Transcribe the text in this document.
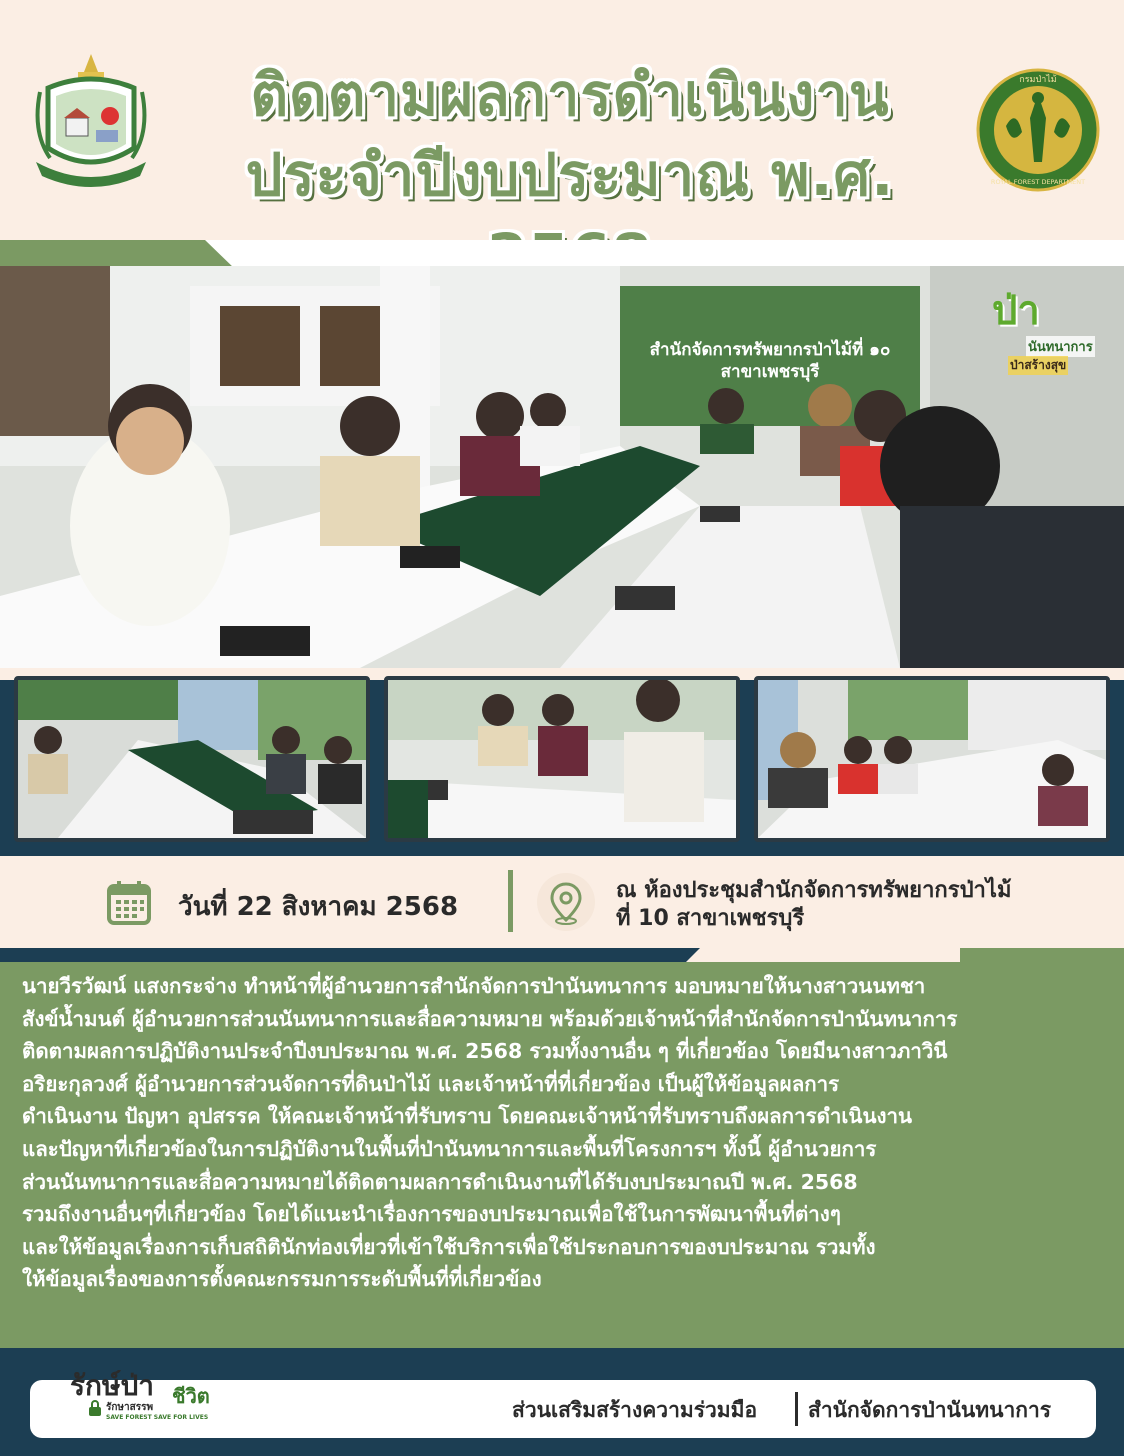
ติดตามผลการดำเนินงาน
ประจำปีงบประมาณ พ.ศ.
กรมป่าไม้
ROYAL FOREST DEPARTMENT
สำนักจัดการทรัพยากรป่าไม้ที่ ๑๐
สาขาเพชรบุรี
ป่า
นันทนาการ
ป่าสร้างสุข
วันที่ 22 สิงหาคม 2568
ณ ห้องประชุมสำนักจัดการทรัพยากรป่าไม้
ที่ 10 สาขาเพชรบุรี

นายวีรวัฒน์ แสงกระจ่าง ทำหน้าที่ผู้อำนวยการสำนักจัดการป่านันทนาการ มอบหมายให้นางสาวนนทชา

สังข์น้ำมนต์ ผู้อำนวยการส่วนนันทนาการและสื่อความหมาย พร้อมด้วยเจ้าหน้าที่สำนักจัดการป่านันทนาการ

ติดตามผลการปฏิบัติงานประจำปีงบประมาณ พ.ศ. 2568 รวมทั้งงานอื่น ๆ ที่เกี่ยวข้อง โดยมีนางสาวภาวินี

อริยะกุลวงศ์ ผู้อำนวยการส่วนจัดการที่ดินป่าไม้ และเจ้าหน้าที่ที่เกี่ยวข้อง เป็นผู้ให้ข้อมูลผลการ

ดำเนินงาน ปัญหา อุปสรรค ให้คณะเจ้าหน้าที่รับทราบ โดยคณะเจ้าหน้าที่รับทราบถึงผลการดำเนินงาน

และปัญหาที่เกี่ยวข้องในการปฏิบัติงานในพื้นที่ป่านันทนาการและพื้นที่โครงการฯ ทั้งนี้ ผู้อำนวยการ

ส่วนนันทนาการและสื่อความหมายได้ติดตามผลการดำเนินงานที่ได้รับงบประมาณปี พ.ศ. 2568

รวมถึงงานอื่นๆที่เกี่ยวข้อง โดยได้แนะนำเรื่องการของบประมาณเพื่อใช้ในการพัฒนาพื้นที่ต่างๆ

และให้ข้อมูลเรื่องการเก็บสถิตินักท่องเที่ยวที่เข้าใช้บริการเพื่อใช้ประกอบการของบประมาณ รวมทั้ง

ให้ข้อมูลเรื่องของการตั้งคณะกรรมการระดับพื้นที่ที่เกี่ยวข้อง

รักษ์ป่า ชีวิต
รักษาสรรพ
SAVE FOREST SAVE FOR LIVES	ส่วนเสริมสร้างความร่วมมือ สำนักจัดการป่านันทนาการ
